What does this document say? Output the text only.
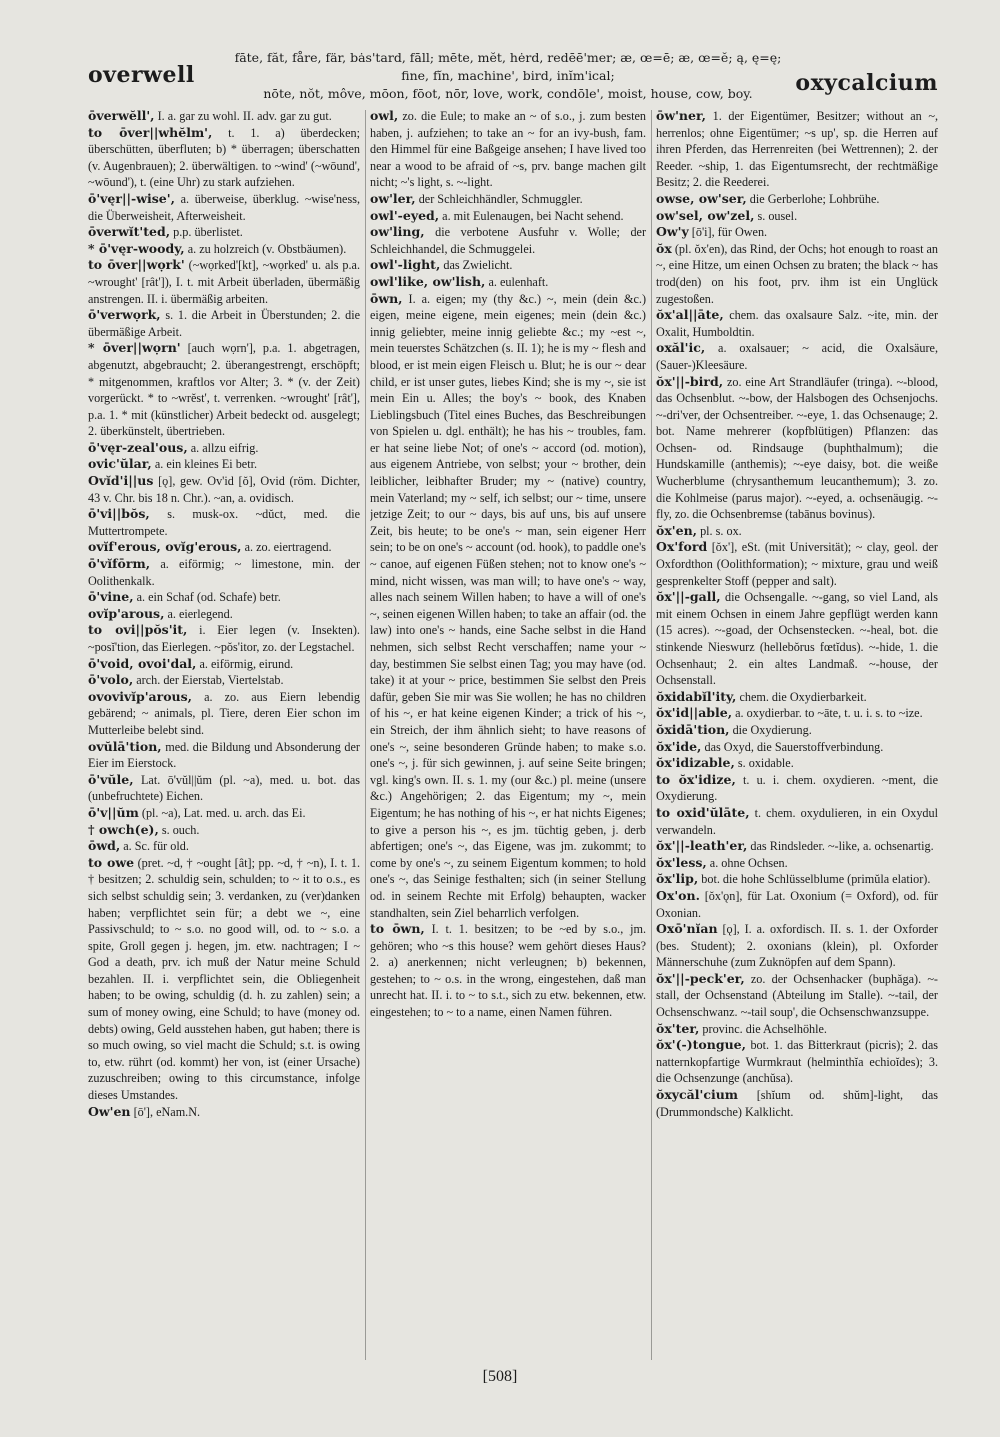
overwell
fāte, făt, fåre, fär, bȧs'tard, fāll; mēte, mĕt, hėrd, redēē'mer; æ, œ=ē; æ, œ=ĕ; ą, ę=ę;
fine, fĭn, machine', bird, inĭm'ical;
nōte, nŏt, môve, mōon, fōot, nōr, love, work, condōle', moist, house, cow, boy.	oxycalcium
ōverwĕll', I. a. gar zu wohl. II. adv. gar zu gut.
to ōver||whĕlm', t. 1. a) überdecken; überschütten, überfluten; b) * überragen; überschatten (v. Augenbrauen); 2. überwältigen. to ~wind' (~wōund', ~wōund'), t. (eine Uhr) zu stark aufziehen.
ō'vęr||-wise', a. überweise, überklug. ~wise'ness, die Überweisheit, Afterweisheit.
ōverwĭt'ted, p.p. überlistet.
* ō'vęr-woody, a. zu holzreich (v. Obstbäumen).
to ōver||wọrk' (~wọrked'[kt], ~wọrked' u. als p.a. ~wrought' [rât']), I. t. mit Arbeit überladen, übermäßig anstrengen. II. i. übermäßig arbeiten.
ō'verwọrk, s. 1. die Arbeit in Überstunden; 2. die übermäßige Arbeit.
* ōver||wọrn' [auch wọrn'], p.a. 1. abgetragen, abgenutzt, abgebraucht; 2. überangestrengt, erschöpft; * mitgenommen, kraftlos vor Alter; 3. * (v. der Zeit) vorgerückt. * to ~wrĕst', t. verrenken. ~wrought' [rât'], p.a. 1. * mit (künstlicher) Arbeit bedeckt od. ausgelegt; 2. überkünstelt, übertrieben.
ō'vęr-zeal'ous, a. allzu eifrig.
ovic'ŭlar, a. ein kleines Ei betr.
Ovĭd'i||us [ǫ], gew. Ov'id [ŏ], Ovid (röm. Dichter, 43 v. Chr. bis 18 n. Chr.). ~an, a. ovidisch.
ō'vi||bŏs, s. musk-ox. ~dŭct, med. die Muttertrompete.
ovĭf'erous, ovĭg'erous, a. zo. eiertragend.
ō'vĭfōrm, a. eiförmig; ~ limestone, min. der Oolithenkalk.
ō'vine, a. ein Schaf (od. Schafe) betr.
ovĭp'arous, a. eierlegend.
to ovi||pŏs'it, i. Eier legen (v. Insekten). ~posĭ'tion, das Eierlegen. ~pŏs'itor, zo. der Legstachel.
ō'void, ovoi'dal, a. eiförmig, eirund.
ō'volo, arch. der Eierstab, Viertelstab.
ovovivĭp'arous, a. zo. aus Eiern lebendig gebärend; ~ animals, pl. Tiere, deren Eier schon im Mutterleibe belebt sind.
ovŭlā'tion, med. die Bildung und Absonderung der Eier im Eierstock.
ō'vŭle, Lat. ō'vŭl||ŭm (pl. ~a), med. u. bot. das (unbefruchtete) Eichen.
ō'v||ŭm (pl. ~a), Lat. med. u. arch. das Ei.
† owch(e), s. ouch.
ōwd, a. Sc. für old.
to owe (pret. ~d, † ~ought [ât]; pp. ~d, † ~n), I. t. 1. † besitzen; 2. schuldig sein, schulden; to ~ it to o.s., es sich selbst schuldig sein; 3. verdanken, zu (ver)danken haben; verpflichtet sein für; a debt we ~, eine Passivschuld; to ~ s.o. no good will, od. to ~ s.o. a spite, Groll gegen j. hegen, jm. etw. nachtragen; I ~ God a death, prv. ich muß der Natur meine Schuld bezahlen. II. i. verpflichtet sein, die Obliegenheit haben; to be owing, schuldig (d. h. zu zahlen) sein; a sum of money owing, eine Schuld; to have (money od. debts) owing, Geld ausstehen haben, gut haben; there is so much owing, so viel macht die Schuld; s.t. is owing to, etw. rührt (od. kommt) her von, ist (einer Ursache) zuzuschreiben; owing to this circumstance, infolge dieses Umstandes.
Ow'en [ō'], eNam.N.
owl, zo. die Eule; to make an ~ of s.o., j. zum besten haben, j. aufziehen; to take an ~ for an ivy-bush, fam. den Himmel für eine Baßgeige ansehen; I have lived too near a wood to be afraid of ~s, prv. bange machen gilt nicht; ~'s light, s. ~-light.
ow'ler, der Schleichhändler, Schmuggler.
owl'-eyed, a. mit Eulenaugen, bei Nacht sehend.
ow'ling, die verbotene Ausfuhr v. Wolle; der Schleichhandel, die Schmuggelei.
owl'-light, das Zwielicht.
owl'like, ow'lish, a. eulenhaft.
ōwn, I. a. eigen; my (thy &c.) ~, mein (dein &c.) eigen, meine eigene, mein eigenes; mein (dein &c.) innig geliebter, meine innig geliebte &c.; my ~est ~, mein teuerstes Schätzchen (s. II. 1); he is my ~ flesh and blood, er ist mein eigen Fleisch u. Blut; he is our ~ dear child, er ist unser gutes, liebes Kind; she is my ~, sie ist mein Ein u. Alles; the boy's ~ book, des Knaben Lieblingsbuch (Titel eines Buches, das Beschreibungen von Spielen u. dgl. enthält); he has his ~ troubles, fam. er hat seine liebe Not; of one's ~ accord (od. motion), aus eigenem Antriebe, von selbst; your ~ brother, dein leiblicher, leibhafter Bruder; my ~ (native) country, mein Vaterland; my ~ self, ich selbst; our ~ time, unsere jetzige Zeit; to our ~ days, bis auf uns, bis auf unsere Zeit, bis heute; to be one's ~ man, sein eigener Herr sein; to be on one's ~ account (od. hook), to paddle one's ~ canoe, auf eigenen Füßen stehen; not to know one's ~ mind, nicht wissen, was man will; to have one's ~ way, alles nach seinem Willen haben; to have a will of one's ~, seinen eigenen Willen haben; to take an affair (od. the law) into one's ~ hands, eine Sache selbst in die Hand nehmen, sich selbst Recht verschaffen; name your ~ day, bestimmen Sie selbst einen Tag; you may have (od. take) it at your ~ price, bestimmen Sie selbst den Preis dafür, geben Sie mir was Sie wollen; he has no children of his ~, er hat keine eigenen Kinder; a trick of his ~, ein Streich, der ihm ähnlich sieht; to have reasons of one's ~, seine besonderen Gründe haben; to make s.o. one's ~, j. für sich gewinnen, j. auf seine Seite bringen; vgl. king's own. II. s. 1. my (our &c.) pl. meine (unsere &c.) Angehörigen; 2. das Eigentum; my ~, mein Eigentum; he has nothing of his ~, er hat nichts Eigenes; to give a person his ~, es jm. tüchtig geben, j. derb abfertigen; one's ~, das Eigene, was jm. zukommt; to come by one's ~, zu seinem Eigentum kommen; to hold one's ~, das Seinige festhalten; sich (in seiner Stellung od. in seinem Rechte mit Erfolg) behaupten, wacker standhalten, sein Ziel beharrlich verfolgen.
to ōwn, I. t. 1. besitzen; to be ~ed by s.o., jm. gehören; who ~s this house? wem gehört dieses Haus? 2. a) anerkennen; nicht verleugnen; b) bekennen, gestehen; to ~ o.s. in the wrong, eingestehen, daß man unrecht hat. II. i. to ~ to s.t., sich zu etw. bekennen, etw. eingestehen; to ~ to a name, einen Namen führen.
ōw'ner, 1. der Eigentümer, Besitzer; without an ~, herrenlos; ohne Eigentümer; ~s up', sp. die Herren auf ihren Pferden, das Herrenreiten (bei Wettrennen); 2. der Reeder. ~ship, 1. das Eigentumsrecht, der rechtmäßige Besitz; 2. die Reederei.
owse, ow'ser, die Gerberlohe; Lohbrühe.
ow'sel, ow'zel, s. ousel.
Ow'y [ō'i], für Owen.
ŏx (pl. ŏx'en), das Rind, der Ochs; hot enough to roast an ~, eine Hitze, um einen Ochsen zu braten; the black ~ has trod(den) on his foot, prv. ihm ist ein Unglück zugestoßen.
ŏx'al||āte, chem. das oxalsaure Salz. ~ite, min. der Oxalit, Humboldtin.
oxăl'ic, a. oxalsauer; ~ acid, die Oxalsäure, (Sauer-)Kleesäure.
ŏx'||-bird, zo. eine Art Strandläufer (tringa). ~-blood, das Ochsenblut. ~-bow, der Halsbogen des Ochsenjochs. ~-dri'ver, der Ochsentreiber. ~-eye, 1. das Ochsenauge; 2. bot. Name mehrerer (kopfblütigen) Pflanzen: das Ochsen- od. Rindsauge (buphthalmum); die Hundskamille (anthemis); ~-eye daisy, bot. die weiße Wucherblume (chrysanthemum leucanthemum); 3. zo. die Kohlmeise (parus major). ~-eyed, a. ochsenäugig. ~-fly, zo. die Ochsenbremse (tabānus bovinus).
ŏx'en, pl. s. ox.
Ox'ford [ŏx'], eSt. (mit Universität); ~ clay, geol. der Oxfordthon (Oolithformation); ~ mixture, grau und weiß gesprenkelter Stoff (pepper and salt).
ŏx'||-gall, die Ochsengalle. ~-gang, so viel Land, als mit einem Ochsen in einem Jahre gepflügt werden kann (15 acres). ~-goad, der Ochsenstecken. ~-heal, bot. die stinkende Nieswurz (hellebŏrus fœtĭdus). ~-hide, 1. die Ochsenhaut; 2. ein altes Landmaß. ~-house, der Ochsenstall.
ŏxidabĭl'ity, chem. die Oxydierbarkeit.
ŏx'id||able, a. oxydierbar. to ~āte, t. u. i. s. to ~ize.
ŏxidā'tion, die Oxydierung.
ŏx'ide, das Oxyd, die Sauerstoffverbindung.
ŏx'idizable, s. oxidable.
to ŏx'idize, t. u. i. chem. oxydieren. ~ment, die Oxydierung.
to oxid'ŭlāte, t. chem. oxydulieren, in ein Oxydul verwandeln.
ŏx'||-leath'er, das Rindsleder. ~-like, a. ochsenartig.
ŏx'less, a. ohne Ochsen.
ŏx'lip, bot. die hohe Schlüsselblume (primŭla elatior).
Ox'on. [ŏx'ǫn], für Lat. Oxonium (= Oxford), od. für Oxonian.
Oxō'nĭan [ǫ], I. a. oxfordisch. II. s. 1. der Oxforder (bes. Student); 2. oxonians (klein), pl. Oxforder Männerschuhe (zum Zuknöpfen auf dem Spann).
ŏx'||-peck'er, zo. der Ochsenhacker (buphăga). ~-stall, der Ochsenstand (Abteilung im Stalle). ~-tail, der Ochsenschwanz. ~-tail soup', die Ochsenschwanzsuppe.
ŏx'ter, provinc. die Achselhöhle.
ŏx'(-)tongue, bot. 1. das Bitterkraut (picris); 2. das natternkopfartige Wurmkraut (helminthĭa echioĭdes); 3. die Ochsenzunge (anchŭsa).
ŏxycăl'cium [shĭum od. shŭm]-light, das (Drummondsche) Kalklicht.
[508]
